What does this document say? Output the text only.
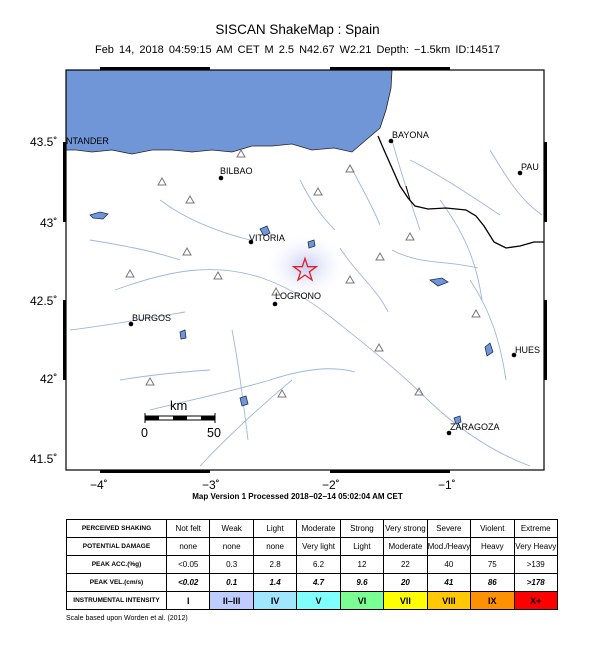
SISCAN ShakeMap : Spain
Feb 14, 2018 04:59:15 AM CET M 2.5 N42.67 W2.21 Depth: −1.5km ID:14517
NTANDER
BAYONA
BILBAO	PAU
VITORIA
LOGRONO
BURGOS
HUES
ZARAGOZA
43.5˚
43˚
42.5˚
42˚
41.5˚
−4˚	−3˚	−2˚	−1˚
km
0	50
Map Version 1 Processed 2018−02−14 05:02:04 AM CET
PERCEIVED SHAKING	Not felt	Weak	Light	Moderate	Strong	Very strong	Severe	Violent	Extreme
POTENTIAL DAMAGE	none	none	none	Very light	Light	Moderate	Mod./Heavy	Heavy	Very Heavy
PEAK ACC.(%g)	<0.05	0.3	2.8	6.2	12	22	40	75	>139
PEAK VEL.(cm/s)	<0.02	0.1	1.4	4.7	9.6	20	41	86	>178
INSTRUMENTAL INTENSITY	I	II–III	IV	V	VI	VII	VIII	IX	X+
Scale based upon Worden et al. (2012)
